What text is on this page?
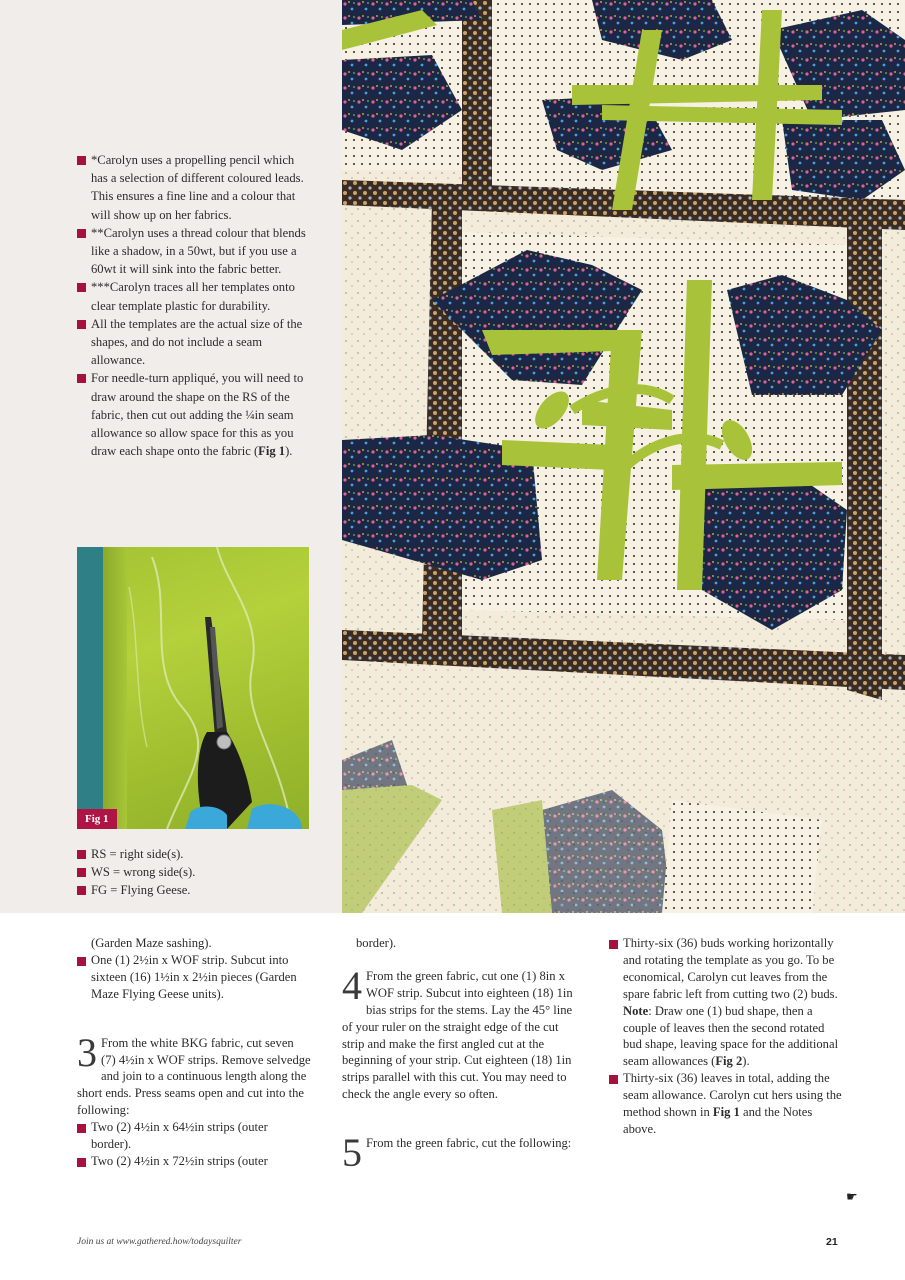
*Carolyn uses a propelling pencil which has a selection of different coloured leads. This ensures a fine line and a colour that will show up on her fabrics.
**Carolyn uses a thread colour that blends like a shadow, in a 50wt, but if you use a 60wt it will sink into the fabric better.
***Carolyn traces all her templates onto clear template plastic for durability.
All the templates are the actual size of the shapes, and do not include a seam allowance.
For needle-turn appliqué, you will need to draw around the shape on the RS of the fabric, then cut out adding the ¼in seam allowance so allow space for this as you draw each shape onto the fabric (Fig 1).
Fig 1
RS = right side(s).
WS = wrong side(s).
FG = Flying Geese.

(Garden Maze sashing).

One (1) 2½in x WOF strip. Subcut into sixteen (16) 1½in x 2½in pieces (Garden Maze Flying Geese units).

3 From the white BKG fabric, cut seven (7) 4½in x WOF strips. Remove selvedge and join to a continuous length along the short ends. Press seams open and cut into the following:

Two (2) 4½in x 64½in strips (outer border).
Two (2) 4½in x 72½in strips (outer

border).

4 From the green fabric, cut one (1) 8in x WOF strip. Subcut into eighteen (18) 1in bias strips for the stems. Lay the 45° line of your ruler on the straight edge of the cut strip and make the first angled cut at the beginning of your strip. Cut eighteen (18) 1in strips parallel with this cut. You may need to check the angle every so often.

5 From the green fabric, cut the following:

Thirty-six (36) buds working horizontally and rotating the template as you go. To be economical, Carolyn cut leaves from the spare fabric left from cutting two (2) buds. Note: Draw one (1) bud shape, then a couple of leaves then the second rotated bud shape, leaving space for the additional seam allowances (Fig 2).
Thirty-six (36) leaves in total, adding the seam allowance. Carolyn cut hers using the method shown in Fig 1 and the Notes above.
☛
Join us at www.gathered.how/todaysquilter	21
